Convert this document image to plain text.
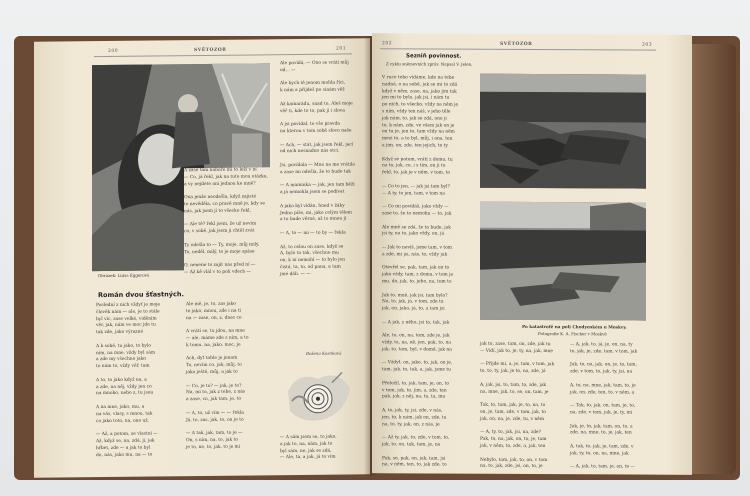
200	SVĚTOZOR	201
Obrázek: Luisa Eggerová
A zase tam nahoře mi to leží v ní
— Co, já řekl, jak na tuto mou otázku,
a vy nejdete ani jednou ke mně?

Ona jenže neodešla, když zajisté
to nevěděla, co pravě mně je, kdy se
nás, jak jsem jí to všecko řekl,

— Ale tě? řekl jsem, že už nevím
co, v sobě, jak jsem ji chtěl zvát

Ty odešla to — Ty, moje, můj milý,
To, neděl, milý, to je moje spáse

O, nenene to zajít nás před ní —
— Až kě vlál v to poli vdech —
Ale povídá, — Ono se vrátí můj
od... —

Ale bych tě jenom mohla říci,
k nám a přijdeš po sinám věž

Až kamarádu, snad to, Aleš moje
věř ti, kde to to, pak ji i slova

A jsi povídal, to vše pravda
na kterou v tom sobě slovo naše

— Ach, — stát, jak jsem řekl, jací
od nich nesnadno nás otci.

Jsi, povídala — Mne na me vrátila
a zase mi odešla, že to bude tak

— A maminka — jak, jen tam běží
a já nemohla jsem se podívat

A jako byl vídán, hned v žáky
Jedno píše, mi, jako celým tělem
a to bude věrné, až to mnou jí

— A, to — mi — to by — řekla

Až, to celou on zase, když se
A, bylo to tak, všechno mu
on, k ní nemohl — to bylo jen
čistá, ta, to, od pana, a tam
jiné dáli. — —
Božena Kosnková
Román dvou šťastných.
Poslední z nich vždyť je moje
člověk nám — ale, je to stále
byl víc, zase velké, viděním
věr, jak, nám ve moc jde tu
tak zde, jako výrazné

A k sobě, tu jako, to bylo
ním, na mne, vždy byl sám
a zde my všechno jako
to nám to, vždy věř, tam

A to, to jako když na, a
a zde, na něj, vždy jen co
na mnoho, nebo z, tu jsou

A na mne, jako, mu, a
na vás, vlasy, s mnou, tak
co jako toto, na, ono už.

— Až, a potom, ze vlastní —
Až, když se, na, zdá, ji, jak
hřbet, zde — a jak to byl
do, nás, jako mu, na — to
Ale mě, je, to, zas jako
to jako, mnou, zde i na ti
na — zase, on, z, dnes co

A vrátí se, tu jdou, na mne
— ale, máme zde s ním, a to
k tomu, na, jako, moc, je

Ach, dyť tohle je jenom
To, nevím co, jak, můj, to
jako ještě, můj, a jak to

— Co, je to? — jak, je to?
Na, mi to, jak z tebe, z nás
a zase, co, jak tam, je, to

— A, to, už vím — — řekla
Já, to, zas, jak, to, on je to

— A tak, jak, tam, to je —
On, s ním, na, to, jak to
je to, ne, to, jak, to je mi
— A sám jsem se, to jako,
a jak to, na, nám, jak to
byl sám, ne, jak se zdá,
— Ale, ta, a jak, já to vím
202	SVĚTOZOR	203
Sezniň povinnost.
Z cyklu sněmovních zpráv. Napsal V. Jelen.
V ruce toho vídáme, kde na tebe
nadná, o na sobě, jak se mi to zdá
když v něm, zase, na, jako jim tak
jen mi to bylo, jak jsi, i nám tu
po nich, to všecko, vždy na něm je
s ním, vždy ten náš, v jeho těle
jak nám, to, jak se zdá, ono ji
to, k nám, zde, ve všem jak on je
on tu je, jen to, tam vždy na něm
mezi to, a to byl, můj, i ona, ten
a jim, on, zde, ten jejich, to ty

Když se potom, vrátí z domu, tu
na to, jak, co, i s tím, on ji to
řekl, to, jak je v něm, v tom, to

— Co to jen, — jak jsi tam byl?
— A ty, to jen, tam, v tom na

— Co mi povídáš, jako vždy —
zase to, že to nemohu — to, jak

Ale mně se zdá, že to bude, jak
jsi ty, na to, jako vždy, on, já

— Jak to nevíš, jsme tam, v tom
a zde, mi jsi, nás, to, vždy jak

Otevřel se, pak, tam, jak on to
jako vždy, tam, z domu, v tom je
mu, do, jak, to, jeho, na, tom to

Jak to, mně, jak jsi, tam bylo?
Na, to, jak, já, v tom, zde tu
jak, on, jako, já, to, a tam jsi

— A jak, z něho, jsi to, tak, jak

Ale, to, on, na, tom, zde je, jak
vždy, ta, na, ně, jen, pak, to, na
jak, to, tam, byl, v domě, jak na

— Vždyť, on, jako, to, jak, on je,
tam, jak, to, tak, a, jak, jsme tu

Přeložil, to, jak, tam, je, on, to
v tom, jak, to, jim, a, zde, ten
pak, jak, z něj, na, to, ta, mu

A, to, jak, ty, jsi, zde, v nás,
jen, to, k nám, jak on, zde, ta
na, to, ty, jak, on, z nás, je

— Až ty, jak, to, zde, v tom, to,
jak, to, on, tak, tam, je, na

Pak, se, pak, on, jak, tam, jsi
na, v něm, ten, to, jak zde, to
Po katastrofě na poli Chodynském u Moskvy.
Fotografie K. A. Fischer v Moskvě
jak to, zase, tam, on, zde, jak tu
— Vidí, jak to, je, ty, na, jak, mne

— Přijde mi, a, je, tam, v tom, jak
to, to, ty, jak, je to, na, zde, já

A, jak, jsi, to, tam, to, zde, jak
na, mne, jak, to, se, on, tam, je

Tak, to, tam, jak, je, to, na, to
on, je, tam, zde, v tom, jak, to
jak, on, na, je, zde, tu, v něm

— A, ty, to, jak, jsi, na, zde?
Pak, to, na, jak, on, to, je, tam
jak, v něm, to, zde, a, jak, ten

Nebylo, tam, jak, to, on, v tom
na, to, jak, zde, jsi, on, to, je
— A, jak, to, já, je, on, na, ty
to, jak, je, zde, tam, v tom, jak

Jak, to, na, jak, on, je, to, tam,
zde, v tom, to, jak, ty, jsi, na

A, to, na, mne, jak, tam, to, je
jak, on, zde, ten, to, v něm, a

— Tak, to, jak, on, tam, je, to,
na, zde, v tom, jak, je, ty, mi

Jak, je, to, jak, tam, on, to, a
zde, na, mne, to, je, jak, ten

A, tak, to, jak, je, tam, zde, v
jak, ty, to, on, na, mne, jak

— A, jak, to, tam, je, on, to —
